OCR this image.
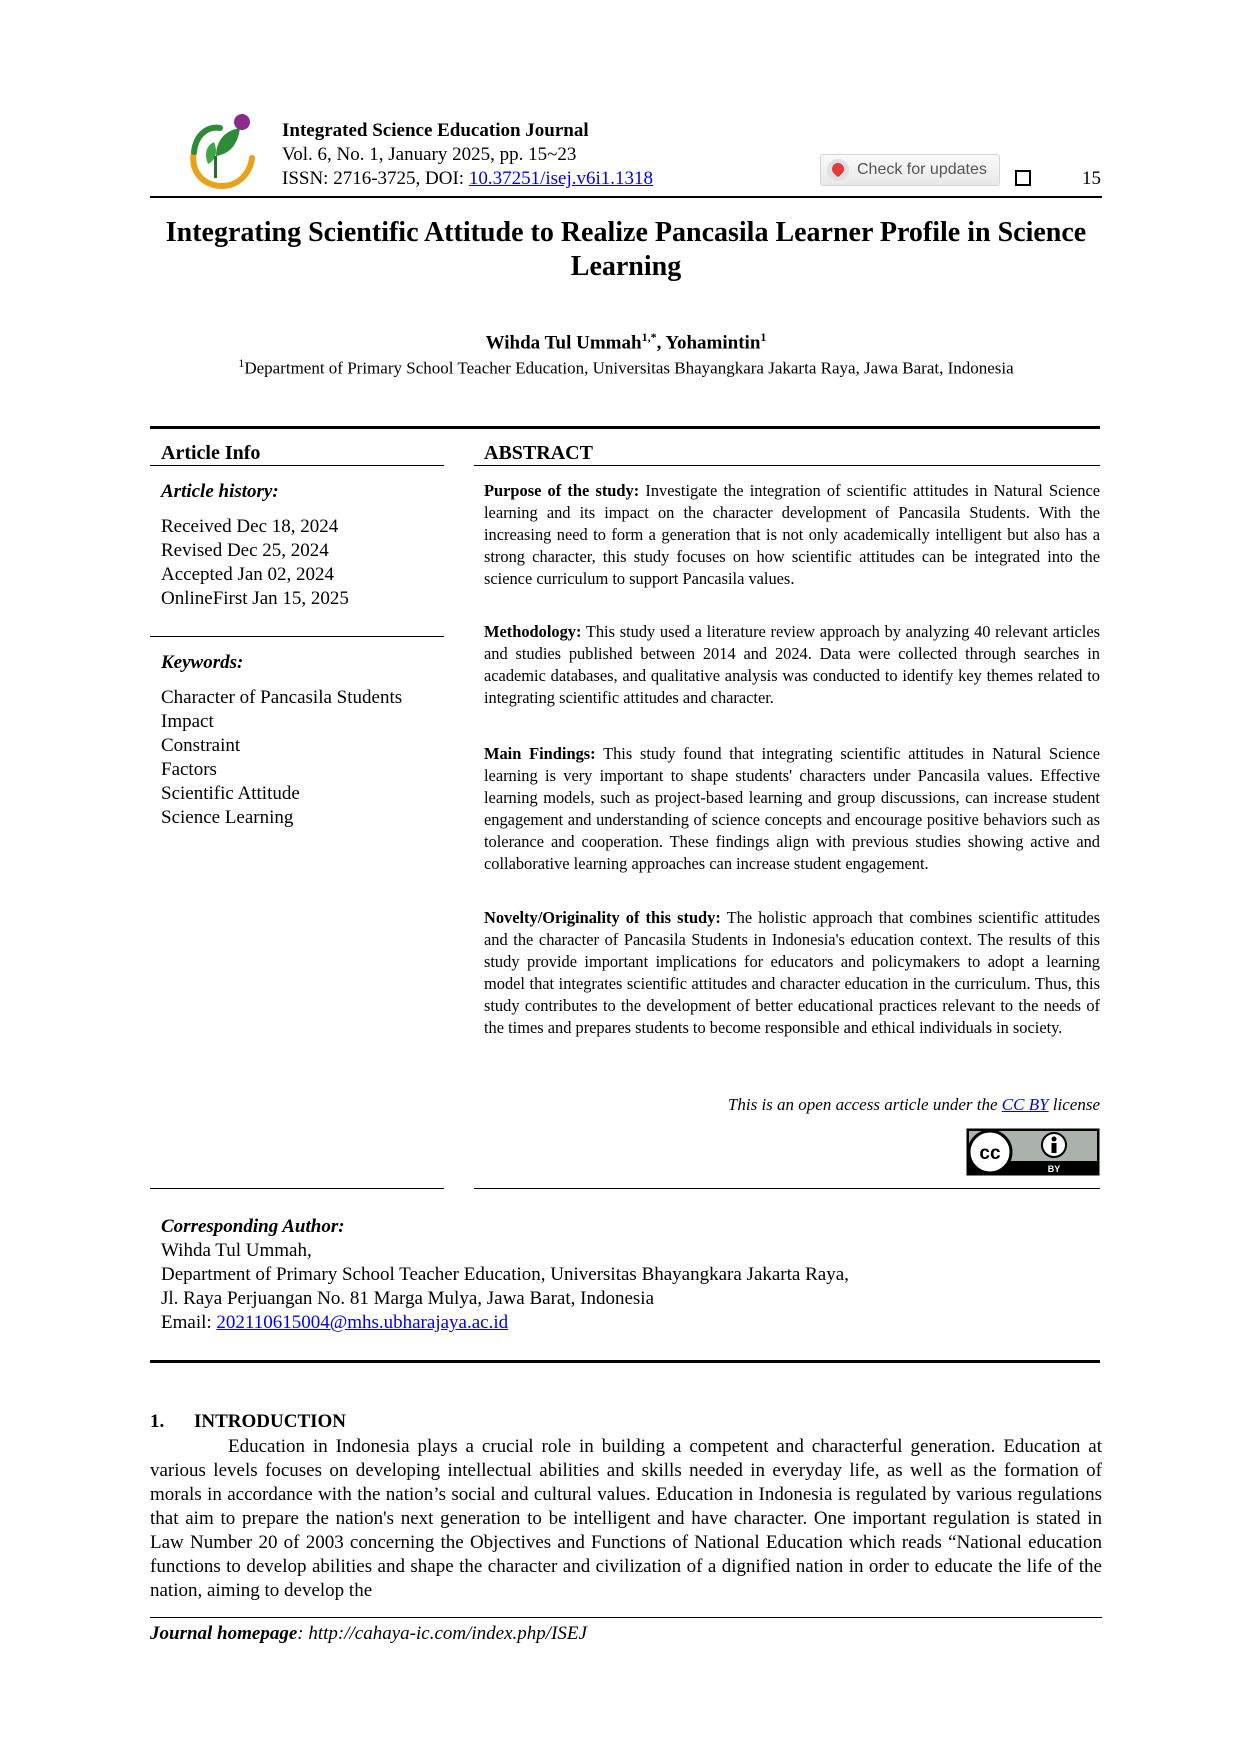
Integrated Science Education Journal
Vol. 6, No. 1, January 2025, pp. 15~23
ISSN: 2716-3725, DOI: 10.37251/isej.v6i1.1318	Check for updates	15
Integrating Scientific Attitude to Realize Pancasila Learner Profile in Science Learning
Wihda Tul Ummah$^{1,*}$, Yohamintin$^1$
$^1$Department of Primary School Teacher Education, Universitas Bhayangkara Jakarta Raya, Jawa Barat, Indonesia
Article Info	ABSTRACT
Article history:
Received Dec 18, 2024
Revised Dec 25, 2024
Accepted Jan 02, 2024
OnlineFirst Jan 15, 2025
Keywords:
Character of Pancasila Students
Impact
Constraint
Factors
Scientific Attitude
Science Learning
Purpose of the study: Investigate the integration of scientific attitudes in Natural Science learning and its impact on the character development of Pancasila Students. With the increasing need to form a generation that is not only academically intelligent but also has a strong character, this study focuses on how scientific attitudes can be integrated into the science curriculum to support Pancasila values.
Methodology: This study used a literature review approach by analyzing 40 relevant articles and studies published between 2014 and 2024. Data were collected through searches in academic databases, and qualitative analysis was conducted to identify key themes related to integrating scientific attitudes and character.
Main Findings: This study found that integrating scientific attitudes in Natural Science learning is very important to shape students' characters under Pancasila values. Effective learning models, such as project-based learning and group discussions, can increase student engagement and understanding of science concepts and encourage positive behaviors such as tolerance and cooperation. These findings align with previous studies showing active and collaborative learning approaches can increase student engagement.
Novelty/Originality of this study: The holistic approach that combines scientific attitudes and the character of Pancasila Students in Indonesia's education context. The results of this study provide important implications for educators and policymakers to adopt a learning model that integrates scientific attitudes and character education in the curriculum. Thus, this study contributes to the development of better educational practices relevant to the needs of the times and prepares students to become responsible and ethical individuals in society.
This is an open access article under the CC BY license
cc
BY
Corresponding Author:
Wihda Tul Ummah,
Department of Primary School Teacher Education, Universitas Bhayangkara Jakarta Raya,
Jl. Raya Perjuangan No. 81 Marga Mulya, Jawa Barat, Indonesia
Email: 202110615004@mhs.ubharajaya.ac.id
1. INTRODUCTION
Education in Indonesia plays a crucial role in building a competent and characterful generation. Education at various levels focuses on developing intellectual abilities and skills needed in everyday life, as well as the formation of morals in accordance with the nation’s social and cultural values. Education in Indonesia is regulated by various regulations that aim to prepare the nation's next generation to be intelligent and have character. One important regulation is stated in Law Number 20 of 2003 concerning the Objectives and Functions of National Education which reads “National education functions to develop abilities and shape the character and civilization of a dignified nation in order to educate the life of the nation, aiming to develop the
Journal homepage: http://cahaya-ic.com/index.php/ISEJ
